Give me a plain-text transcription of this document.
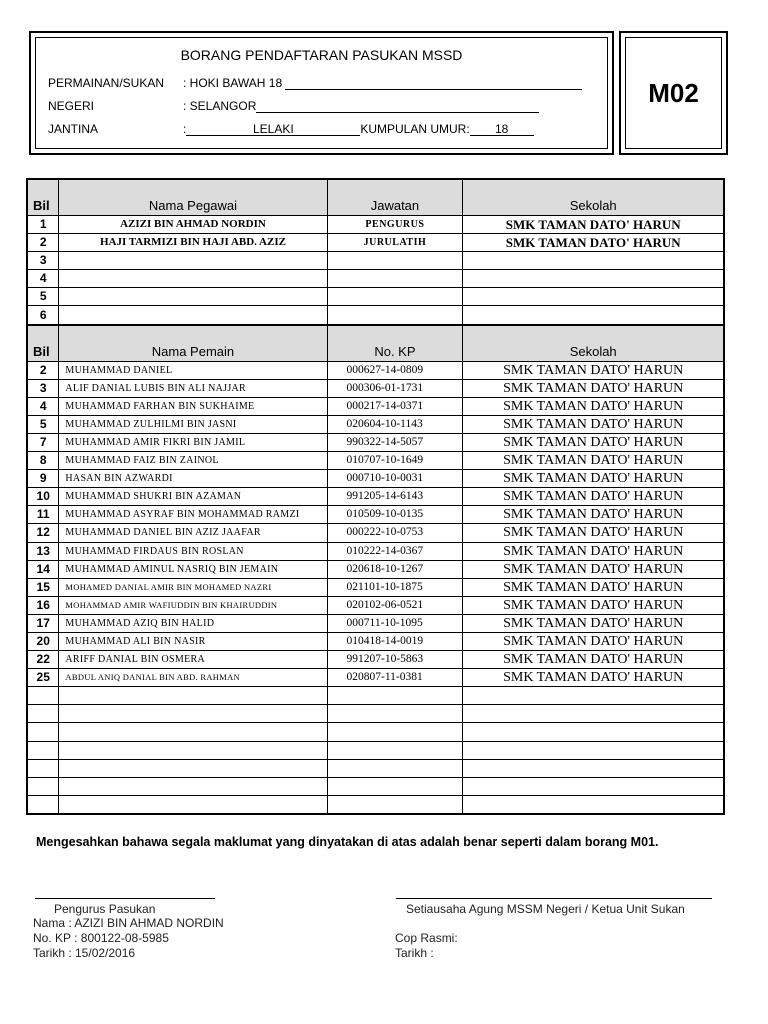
BORANG PENDAFTARAN PASUKAN MSSD
PERMAINAN/SUKAN : HOKI BAWAH 18
NEGERI	: SELANGOR
JANTINA	:	LELAKI	KUMPULAN UMUR: 18
M02
Bil	Nama Pegawai	Jawatan	Sekolah
1	AZIZI BIN AHMAD NORDIN	PENGURUS	SMK TAMAN DATO' HARUN
2	HAJI TARMIZI BIN HAJI ABD. AZIZ	JURULATIH	SMK TAMAN DATO' HARUN
3			
4			
5			
6			
Bil	Nama Pemain	No. KP	Sekolah
2	MUHAMMAD DANIEL	000627-14-0809	SMK TAMAN DATO' HARUN
3	ALIF DANIAL LUBIS BIN ALI NAJJAR	000306-01-1731	SMK TAMAN DATO' HARUN
4	MUHAMMAD FARHAN BIN SUKHAIME	000217-14-0371	SMK TAMAN DATO' HARUN
5	MUHAMMAD ZULHILMI BIN JASNI	020604-10-1143	SMK TAMAN DATO' HARUN
7	MUHAMMAD AMIR FIKRI BIN JAMIL	990322-14-5057	SMK TAMAN DATO' HARUN
8	MUHAMMAD FAIZ BIN ZAINOL	010707-10-1649	SMK TAMAN DATO' HARUN
9	HASAN BIN AZWARDI	000710-10-0031	SMK TAMAN DATO' HARUN
10	MUHAMMAD SHUKRI BIN AZAMAN	991205-14-6143	SMK TAMAN DATO' HARUN
11	MUHAMMAD ASYRAF BIN MOHAMMAD RAMZI	010509-10-0135	SMK TAMAN DATO' HARUN
12	MUHAMMAD DANIEL BIN AZIZ JAAFAR	000222-10-0753	SMK TAMAN DATO' HARUN
13	MUHAMMAD FIRDAUS BIN ROSLAN	010222-14-0367	SMK TAMAN DATO' HARUN
14	MUHAMMAD AMINUL NASRIQ BIN JEMAIN	020618-10-1267	SMK TAMAN DATO' HARUN
15	MOHAMED DANIAL AMIR BIN MOHAMED NAZRI	021101-10-1875	SMK TAMAN DATO' HARUN
16	MOHAMMAD AMIR WAFIUDDIN BIN KHAIRUDDIN	020102-06-0521	SMK TAMAN DATO' HARUN
17	MUHAMMAD AZIQ BIN HALID	000711-10-1095	SMK TAMAN DATO' HARUN
20	MUHAMMAD ALI BIN NASIR	010418-14-0019	SMK TAMAN DATO' HARUN
22	ARIFF DANIAL BIN OSMERA	991207-10-5863	SMK TAMAN DATO' HARUN
25	ABDUL ANIQ DANIAL BIN ABD. RAHMAN	020807-11-0381	SMK TAMAN DATO' HARUN

Mengesahkan bahawa segala maklumat yang dinyatakan di atas adalah benar seperti dalam borang M01.
Pengurus Pasukan
Nama : AZIZI BIN AHMAD NORDIN
No. KP : 800122-08-5985
Tarikh : 15/02/2016
Setiausaha Agung MSSM Negeri / Ketua Unit Sukan
Cop Rasmi:
Tarikh :
